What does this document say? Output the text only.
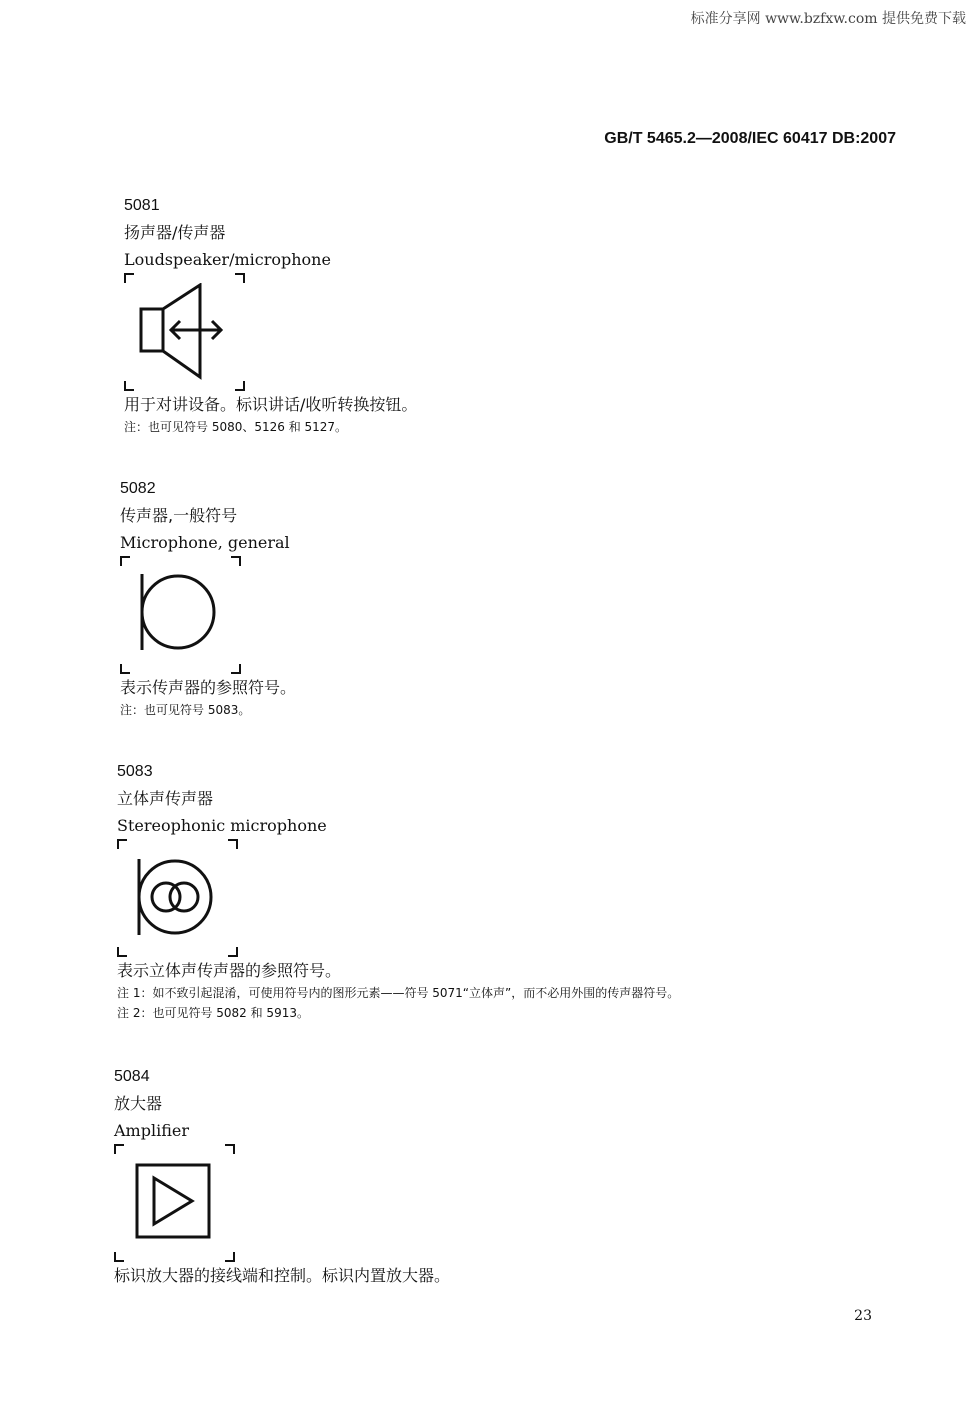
标准分享网 www.bzfxw.com 提供免费下载
GB/T 5465.2—2008/IEC 60417 DB:2007
5081
扬声器/传声器
Loudspeaker/microphone
用于对讲设备。标识讲话/收听转换按钮。
注：也可见符号 5080、5126 和 5127。
5082
传声器,一般符号
Microphone, general
表示传声器的参照符号。
注：也可见符号 5083。
5083
立体声传声器
Stereophonic microphone
表示立体声传声器的参照符号。
注 1：如不致引起混淆，可使用符号内的图形元素——符号 5071“立体声”，而不必用外围的传声器符号。
注 2：也可见符号 5082 和 5913。
5084
放大器
Amplifier
标识放大器的接线端和控制。标识内置放大器。
23
